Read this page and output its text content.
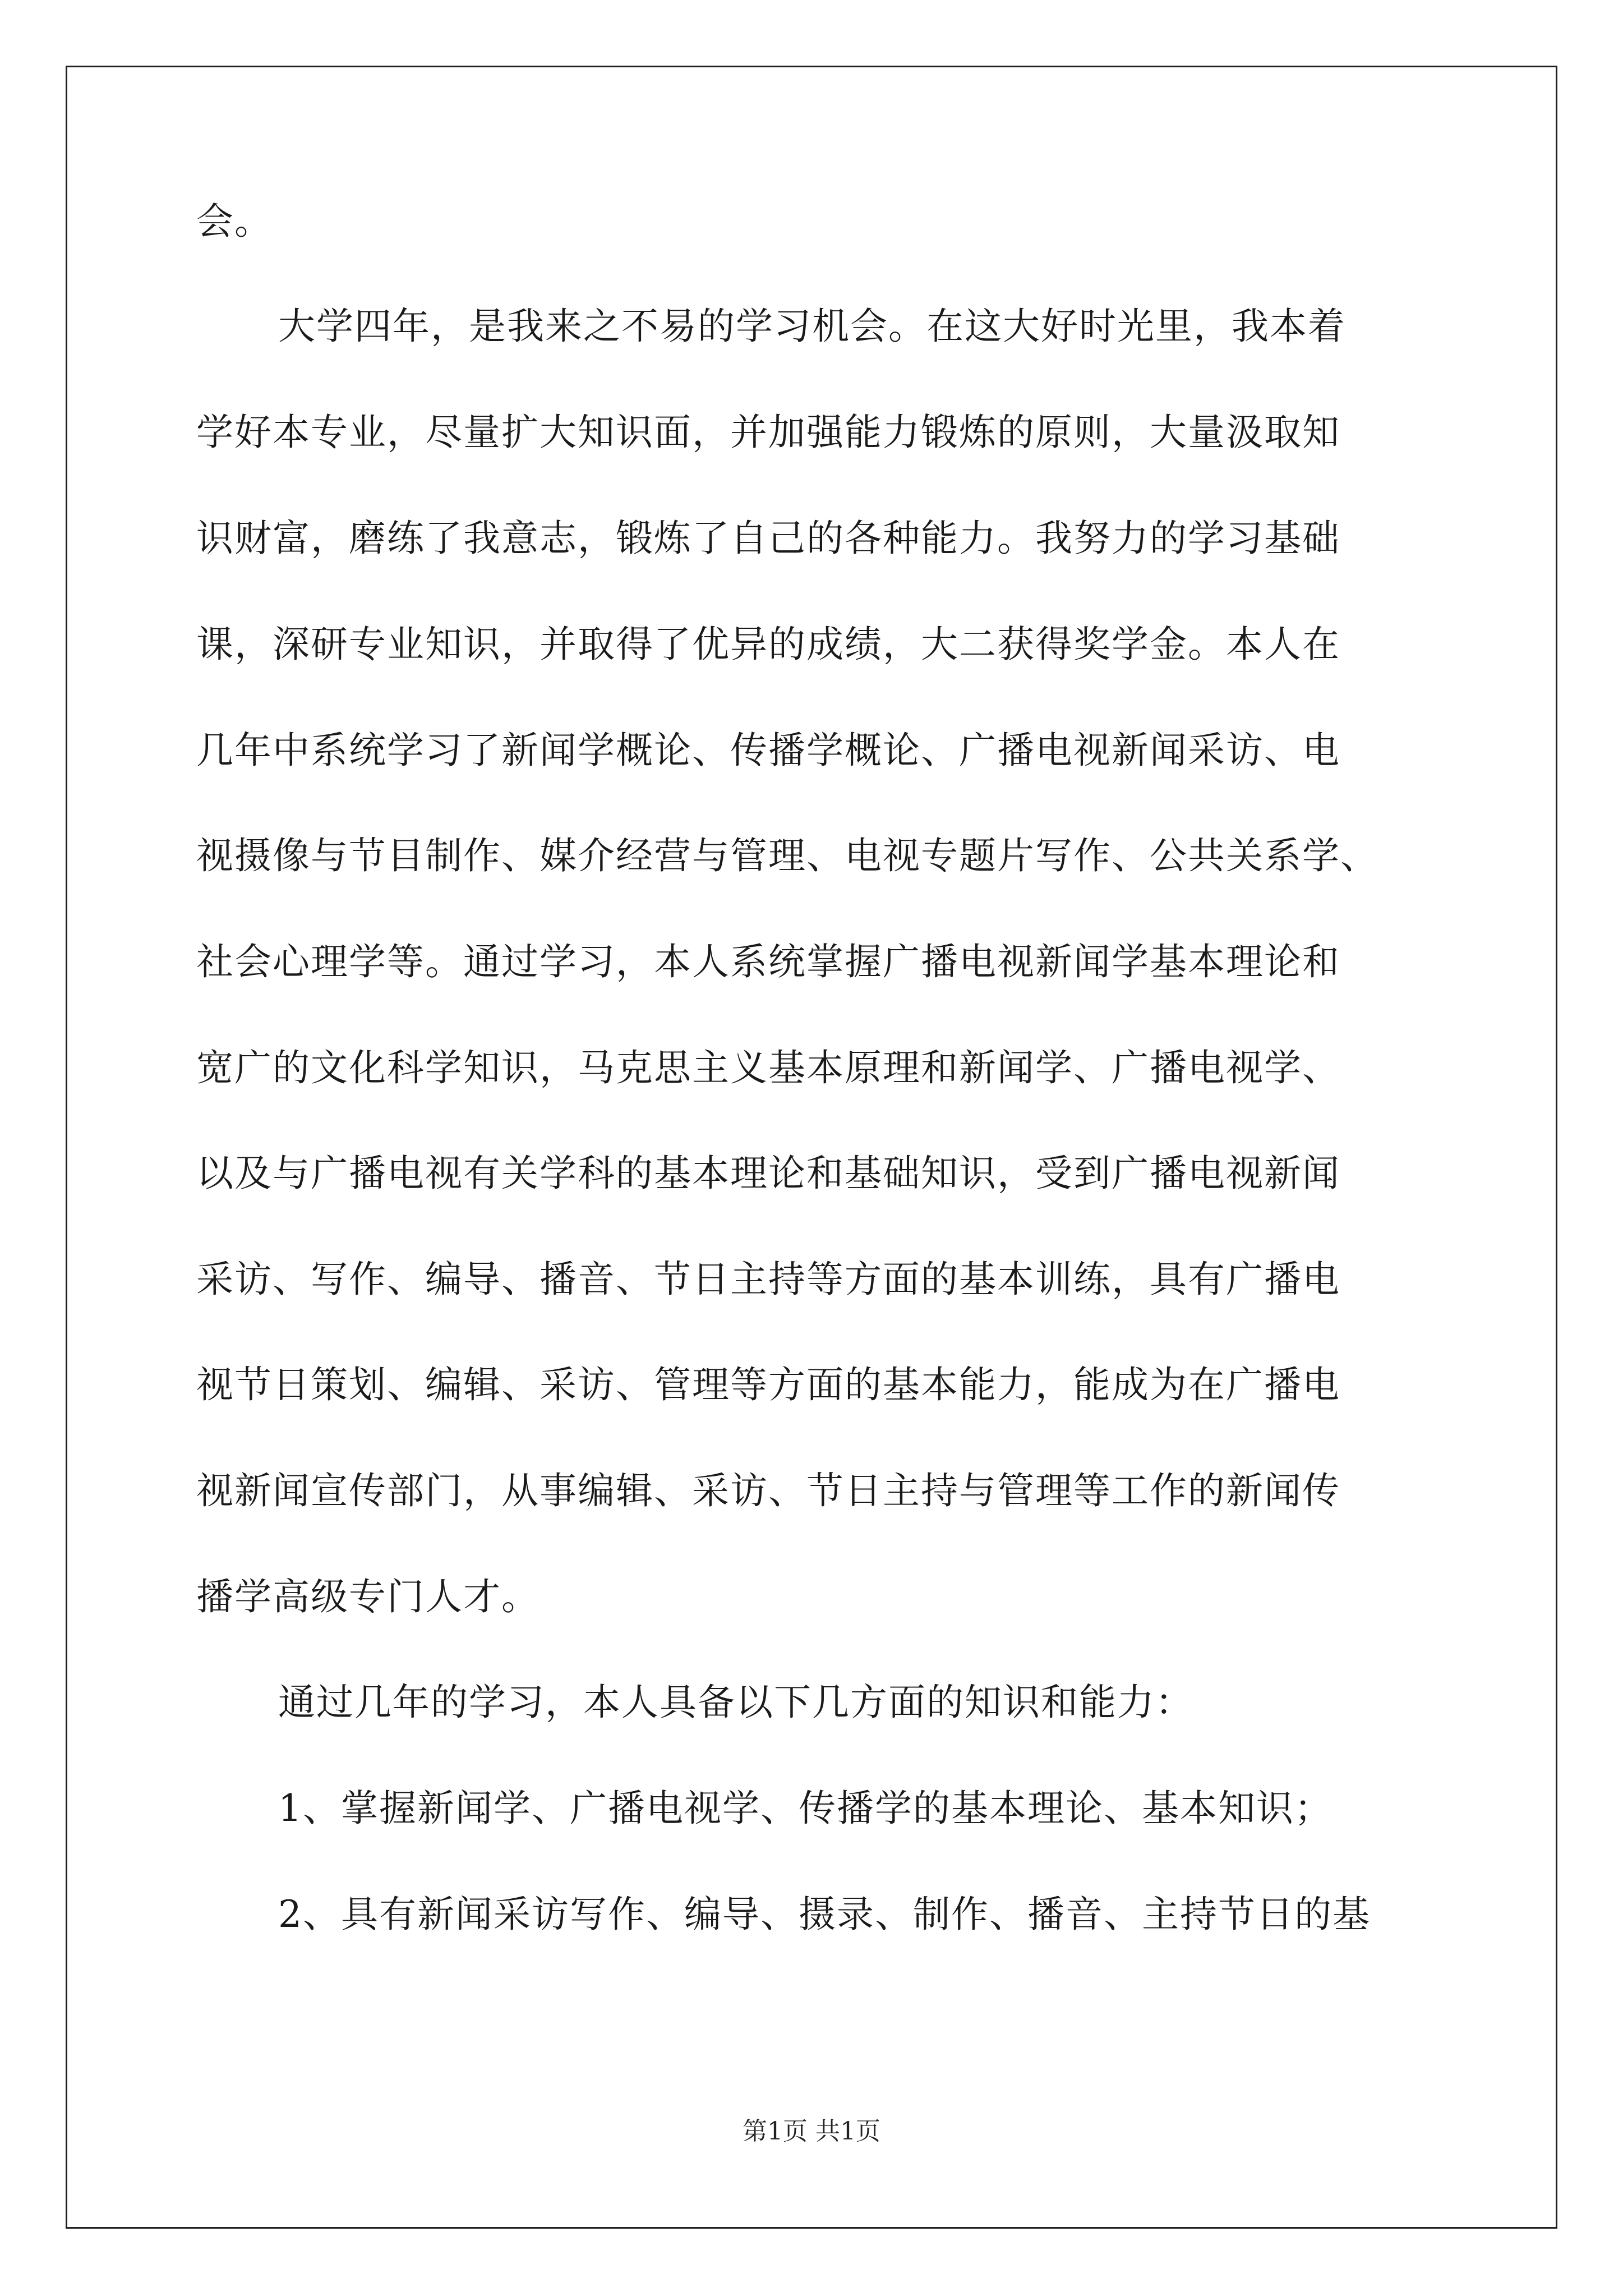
会。
大学四年，是我来之不易的学习机会。在这大好时光里，我本着
学好本专业，尽量扩大知识面，并加强能力锻炼的原则，大量汲取知
识财富，磨练了我意志，锻炼了自己的各种能力。我努力的学习基础
课，深研专业知识，并取得了优异的成绩，大二获得奖学金。本人在
几年中系统学习了新闻学概论、传播学概论、广播电视新闻采访、电
视摄像与节目制作、媒介经营与管理、电视专题片写作、公共关系学、
社会心理学等。通过学习，本人系统掌握广播电视新闻学基本理论和
宽广的文化科学知识，马克思主义基本原理和新闻学、广播电视学、
以及与广播电视有关学科的基本理论和基础知识，受到广播电视新闻
采访、写作、编导、播音、节日主持等方面的基本训练，具有广播电
视节日策划、编辑、采访、管理等方面的基本能力，能成为在广播电
视新闻宣传部门，从事编辑、采访、节日主持与管理等工作的新闻传
播学高级专门人才。
通过几年的学习，本人具备以下几方面的知识和能力：
1、掌握新闻学、广播电视学、传播学的基本理论、基本知识；
2、具有新闻采访写作、编导、摄录、制作、播音、主持节日的基
第1页 共1页
